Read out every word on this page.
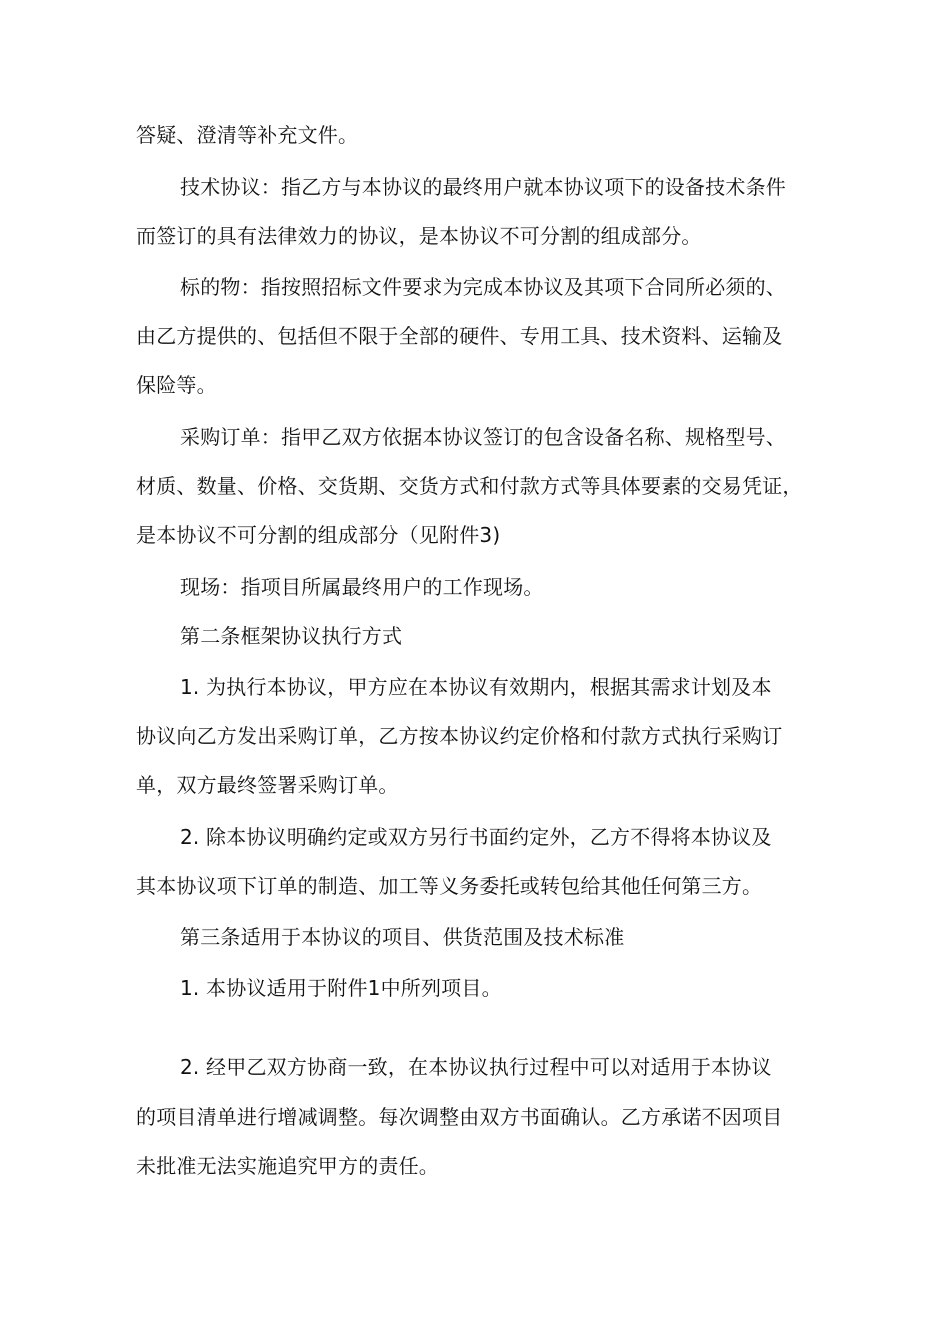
答疑、澄清等补充文件。
技术协议：指乙方与本协议的最终用户就本协议项下的设备技术条件
而签订的具有法律效力的协议，是本协议不可分割的组成部分。
标的物：指按照招标文件要求为完成本协议及其项下合同所必须的、
由乙方提供的、包括但不限于全部的硬件、专用工具、技术资料、运输及
保险等。
采购订单：指甲乙双方依据本协议签订的包含设备名称、规格型号、
材质、数量、价格、交货期、交货方式和付款方式等具体要素的交易凭证，
是本协议不可分割的组成部分（见附件3)
现场：指项目所属最终用户的工作现场。
第二条框架协议执行方式
1. 为执行本协议，甲方应在本协议有效期内，根据其需求计划及本
协议向乙方发出采购订单，乙方按本协议约定价格和付款方式执行采购订
单，双方最终签署采购订单。
2. 除本协议明确约定或双方另行书面约定外，乙方不得将本协议及
其本协议项下订单的制造、加工等义务委托或转包给其他任何第三方。
第三条适用于本协议的项目、供货范围及技术标准
1. 本协议适用于附件1中所列项目。
2. 经甲乙双方协商一致，在本协议执行过程中可以对适用于本协议
的项目清单进行增减调整。每次调整由双方书面确认。乙方承诺不因项目
未批准无法实施追究甲方的责任。
